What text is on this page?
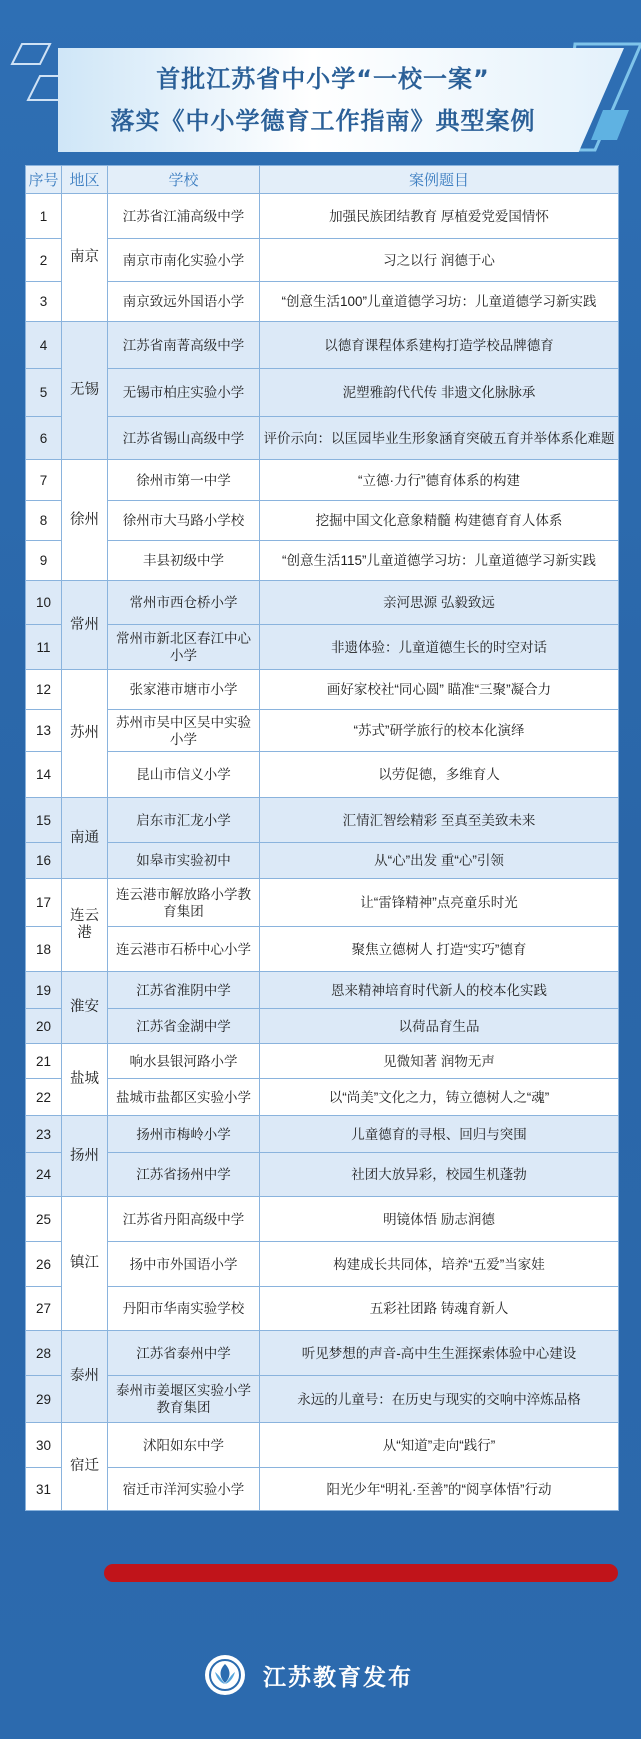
首批江苏省中小学“一校一案”
落实《中小学德育工作指南》典型案例
序号	地区	学校	案例题目
1	南京	江苏省江浦高级中学	加强民族团结教育 厚植爱党爱国情怀
2		南京市南化实验小学	习之以行 润德于心
3		南京致远外国语小学	“创意生活100”儿童道德学习坊：儿童道德学习新实践
4	无锡	江苏省南菁高级中学	以德育课程体系建构打造学校品牌德育
5		无锡市柏庄实验小学	泥塑雅韵代代传 非遗文化脉脉承
6		江苏省锡山高级中学	评价示向：以匡园毕业生形象涵育突破五育并举体系化难题
7	徐州	徐州市第一中学	“立德·力行”德育体系的构建
8		徐州市大马路小学校	挖掘中国文化意象精髓 构建德育育人体系
9		丰县初级中学	“创意生活115”儿童道德学习坊：儿童道德学习新实践
10	常州	常州市西仓桥小学	亲河思源 弘毅致远
11		常州市新北区春江中心小学	非遗体验：儿童道德生长的时空对话
12	苏州	张家港市塘市小学	画好家校社“同心圆” 瞄准“三聚”凝合力
13		苏州市吴中区吴中实验小学	“苏式”研学旅行的校本化演绎
14		昆山市信义小学	以劳促德，多维育人
15	南通	启东市汇龙小学	汇情汇智绘精彩 至真至美致未来
16		如皋市实验初中	从“心”出发 重“心”引领
17	连云港	连云港市解放路小学教育集团	让“雷锋精神”点亮童乐时光
18		连云港市石桥中心小学	聚焦立德树人 打造“实巧”德育
19	淮安	江苏省淮阴中学	恩来精神培育时代新人的校本化实践
20		江苏省金湖中学	以荷品育生品
21	盐城	响水县银河路小学	见微知著 润物无声
22		盐城市盐都区实验小学	以“尚美”文化之力，铸立德树人之“魂”
23	扬州	扬州市梅岭小学	儿童德育的寻根、回归与突围
24		江苏省扬州中学	社团大放异彩，校园生机蓬勃
25	镇江	江苏省丹阳高级中学	明镜体悟 励志润德
26		扬中市外国语小学	构建成长共同体，培养“五爱”当家娃
27		丹阳市华南实验学校	五彩社团路 铸魂育新人
28	泰州	江苏省泰州中学	听见梦想的声音-高中生生涯探索体验中心建设
29		泰州市姜堰区实验小学教育集团	永远的儿童号：在历史与现实的交响中淬炼品格
30	宿迁	沭阳如东中学	从“知道”走向“践行”
31		宿迁市洋河实验小学	阳光少年“明礼·至善”的“阅享体悟”行动
江苏教育发布
